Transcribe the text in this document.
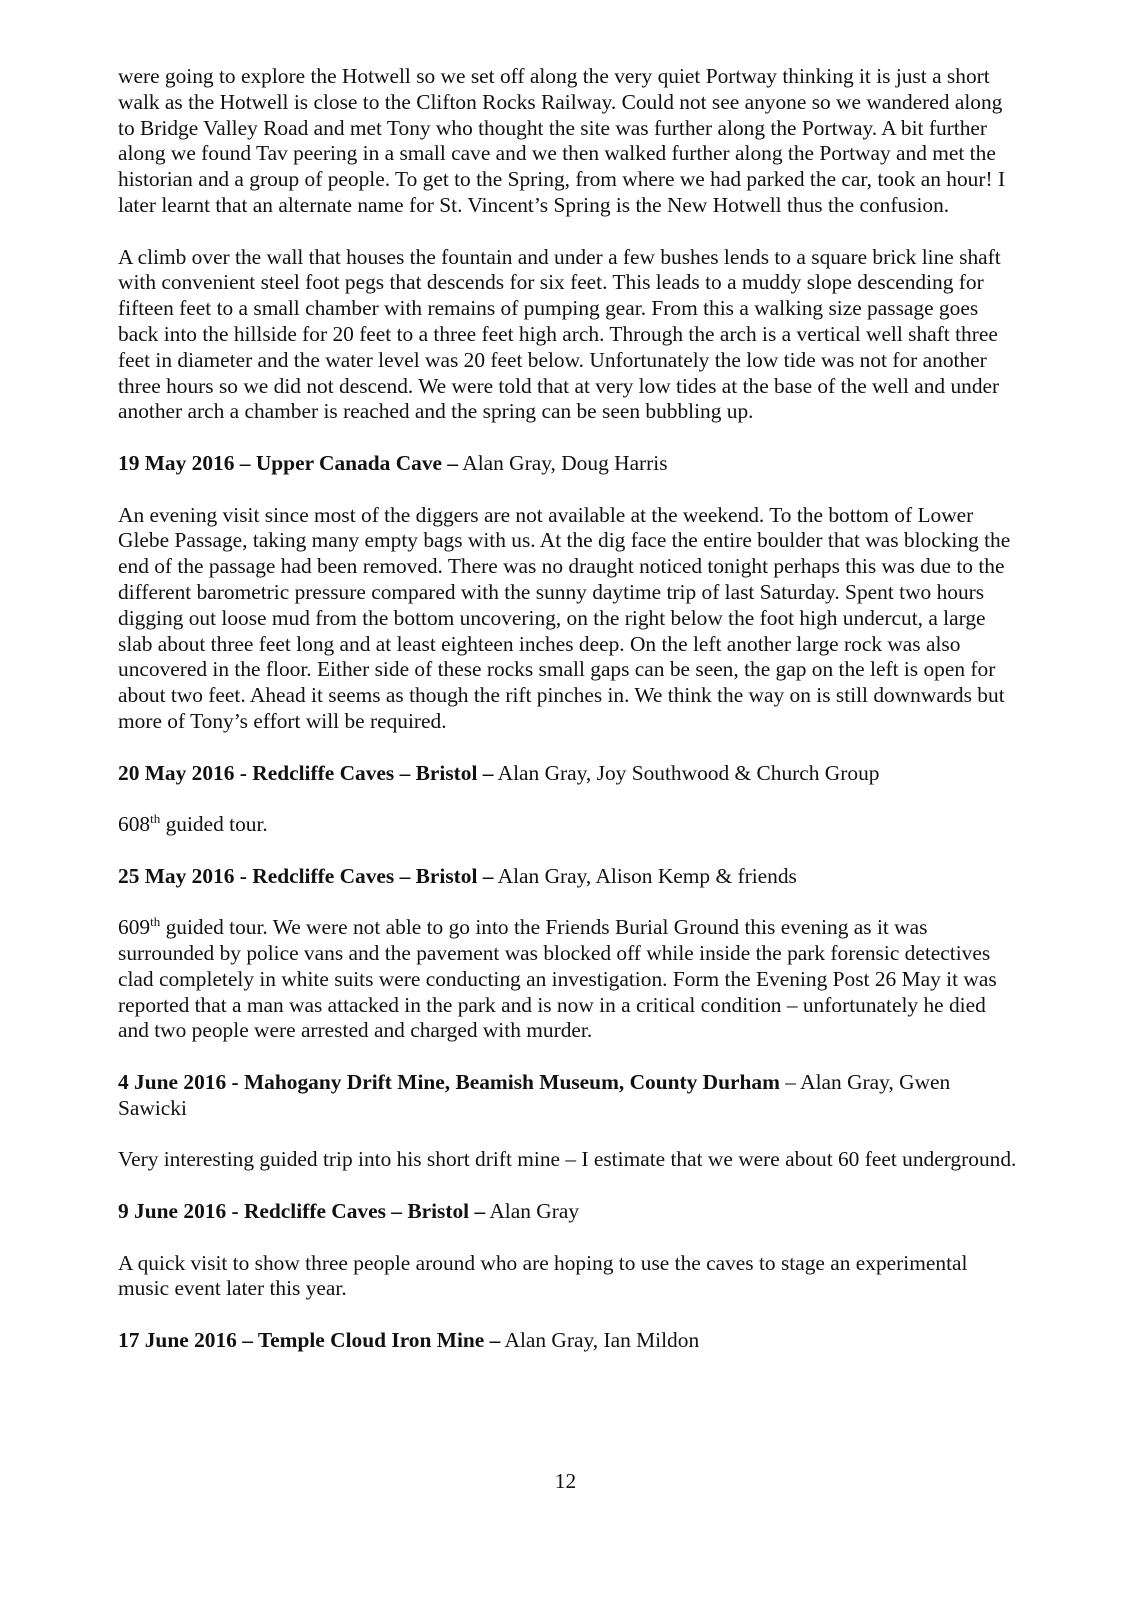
were going to explore the Hotwell so we set off along the very quiet Portway thinking it is just a short walk as the Hotwell is close to the Clifton Rocks Railway. Could not see anyone so we wandered along to Bridge Valley Road and met Tony who thought the site was further along the Portway. A bit further along we found Tav peering in a small cave and we then walked further along the Portway and met the historian and a group of people. To get to the Spring, from where we had parked the car, took an hour! I later learnt that an alternate name for St. Vincent’s Spring is the New Hotwell thus the confusion.

A climb over the wall that houses the fountain and under a few bushes lends to a square brick line shaft with convenient steel foot pegs that descends for six feet. This leads to a muddy slope descending for fifteen feet to a small chamber with remains of pumping gear. From this a walking size passage goes back into the hillside for 20 feet to a three feet high arch. Through the arch is a vertical well shaft three feet in diameter and the water level was 20 feet below. Unfortunately the low tide was not for another three hours so we did not descend. We were told that at very low tides at the base of the well and under another arch a chamber is reached and the spring can be seen bubbling up.

19 May 2016 – Upper Canada Cave – Alan Gray, Doug Harris

An evening visit since most of the diggers are not available at the weekend. To the bottom of Lower Glebe Passage, taking many empty bags with us. At the dig face the entire boulder that was blocking the end of the passage had been removed. There was no draught noticed tonight perhaps this was due to the different barometric pressure compared with the sunny daytime trip of last Saturday. Spent two hours digging out loose mud from the bottom uncovering, on the right below the foot high undercut, a large slab about three feet long and at least eighteen inches deep. On the left another large rock was also uncovered in the floor. Either side of these rocks small gaps can be seen, the gap on the left is open for about two feet. Ahead it seems as though the rift pinches in. We think the way on is still downwards but more of Tony’s effort will be required.

20 May 2016 - Redcliffe Caves – Bristol – Alan Gray, Joy Southwood & Church Group

608th guided tour.

25 May 2016 - Redcliffe Caves – Bristol – Alan Gray, Alison Kemp & friends

609th guided tour. We were not able to go into the Friends Burial Ground this evening as it was surrounded by police vans and the pavement was blocked off while inside the park forensic detectives clad completely in white suits were conducting an investigation. Form the Evening Post 26 May it was reported that a man was attacked in the park and is now in a critical condition – unfortunately he died and two people were arrested and charged with murder.

4 June 2016 - Mahogany Drift Mine, Beamish Museum, County Durham – Alan Gray, Gwen Sawicki

Very interesting guided trip into his short drift mine – I estimate that we were about 60 feet underground.

9 June 2016 - Redcliffe Caves – Bristol – Alan Gray

A quick visit to show three people around who are hoping to use the caves to stage an experimental music event later this year.

17 June 2016 – Temple Cloud Iron Mine – Alan Gray, Ian Mildon

12
